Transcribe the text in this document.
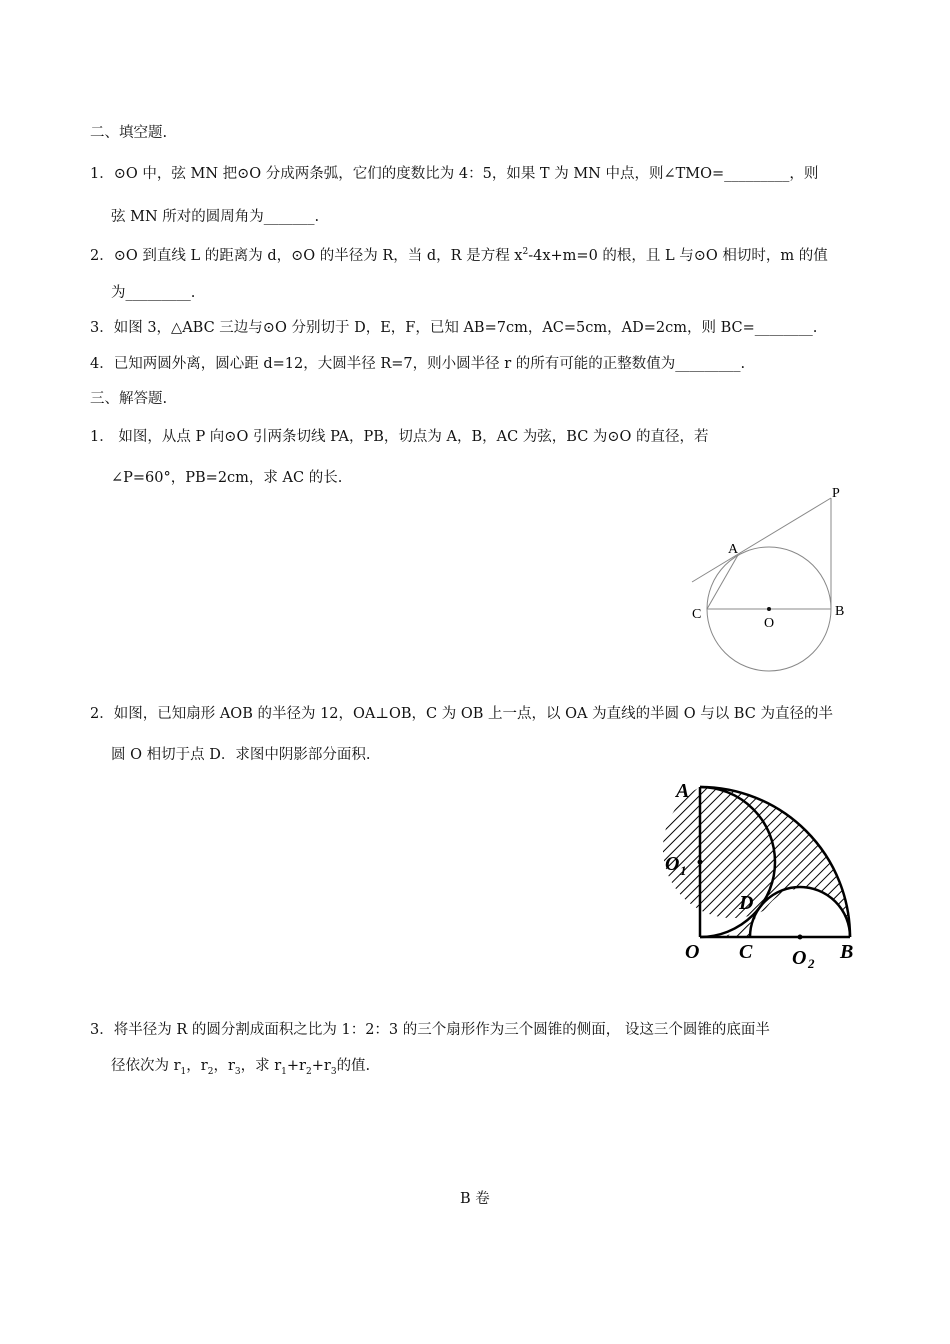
二、填空题.
1．⊙O 中，弦 MN 把⊙O 分成两条弧，它们的度数比为 4：5，如果 T 为 MN 中点，则∠TMO=_________，则
弦 MN 所对的圆周角为_______.
2．⊙O 到直线 L 的距离为 d，⊙O 的半径为 R，当 d，R 是方程 $x^2-4x+m=0$ 的根，且 L 与⊙O 相切时，m 的值
为_________.
3．如图 3，△ABC 三边与⊙O 分别切于 D，E，F，已知 AB=7cm，AC=5cm，AD=2cm，则 BC=________.
4．已知两圆外离，圆心距 d=12，大圆半径 R=7，则小圆半径 r 的所有可能的正整数值为_________.
三、解答题.
1． 如图，从点 P 向⊙O 引两条切线 PA，PB，切点为 A，B，AC 为弦，BC 为⊙O 的直径，若
∠P=60°，PB=2cm，求 AC 的长.
P
A
C
O
B
2．如图，已知扇形 AOB 的半径为 12，OA⊥OB，C 为 OB 上一点，以 OA 为直线的半圆 O 与以 BC 为直径的半
圆 O 相切于点 D．求图中阴影部分面积.
A
O 1
D
O C O 2
B
3．将半径为 R 的圆分割成面积之比为 1：2：3 的三个扇形作为三个圆锥的侧面， 设这三个圆锥的底面半
径依次为 $r_1$，$r_2$，$r_3$，求 $r_1+r_2+r_3$的值.
B 卷
